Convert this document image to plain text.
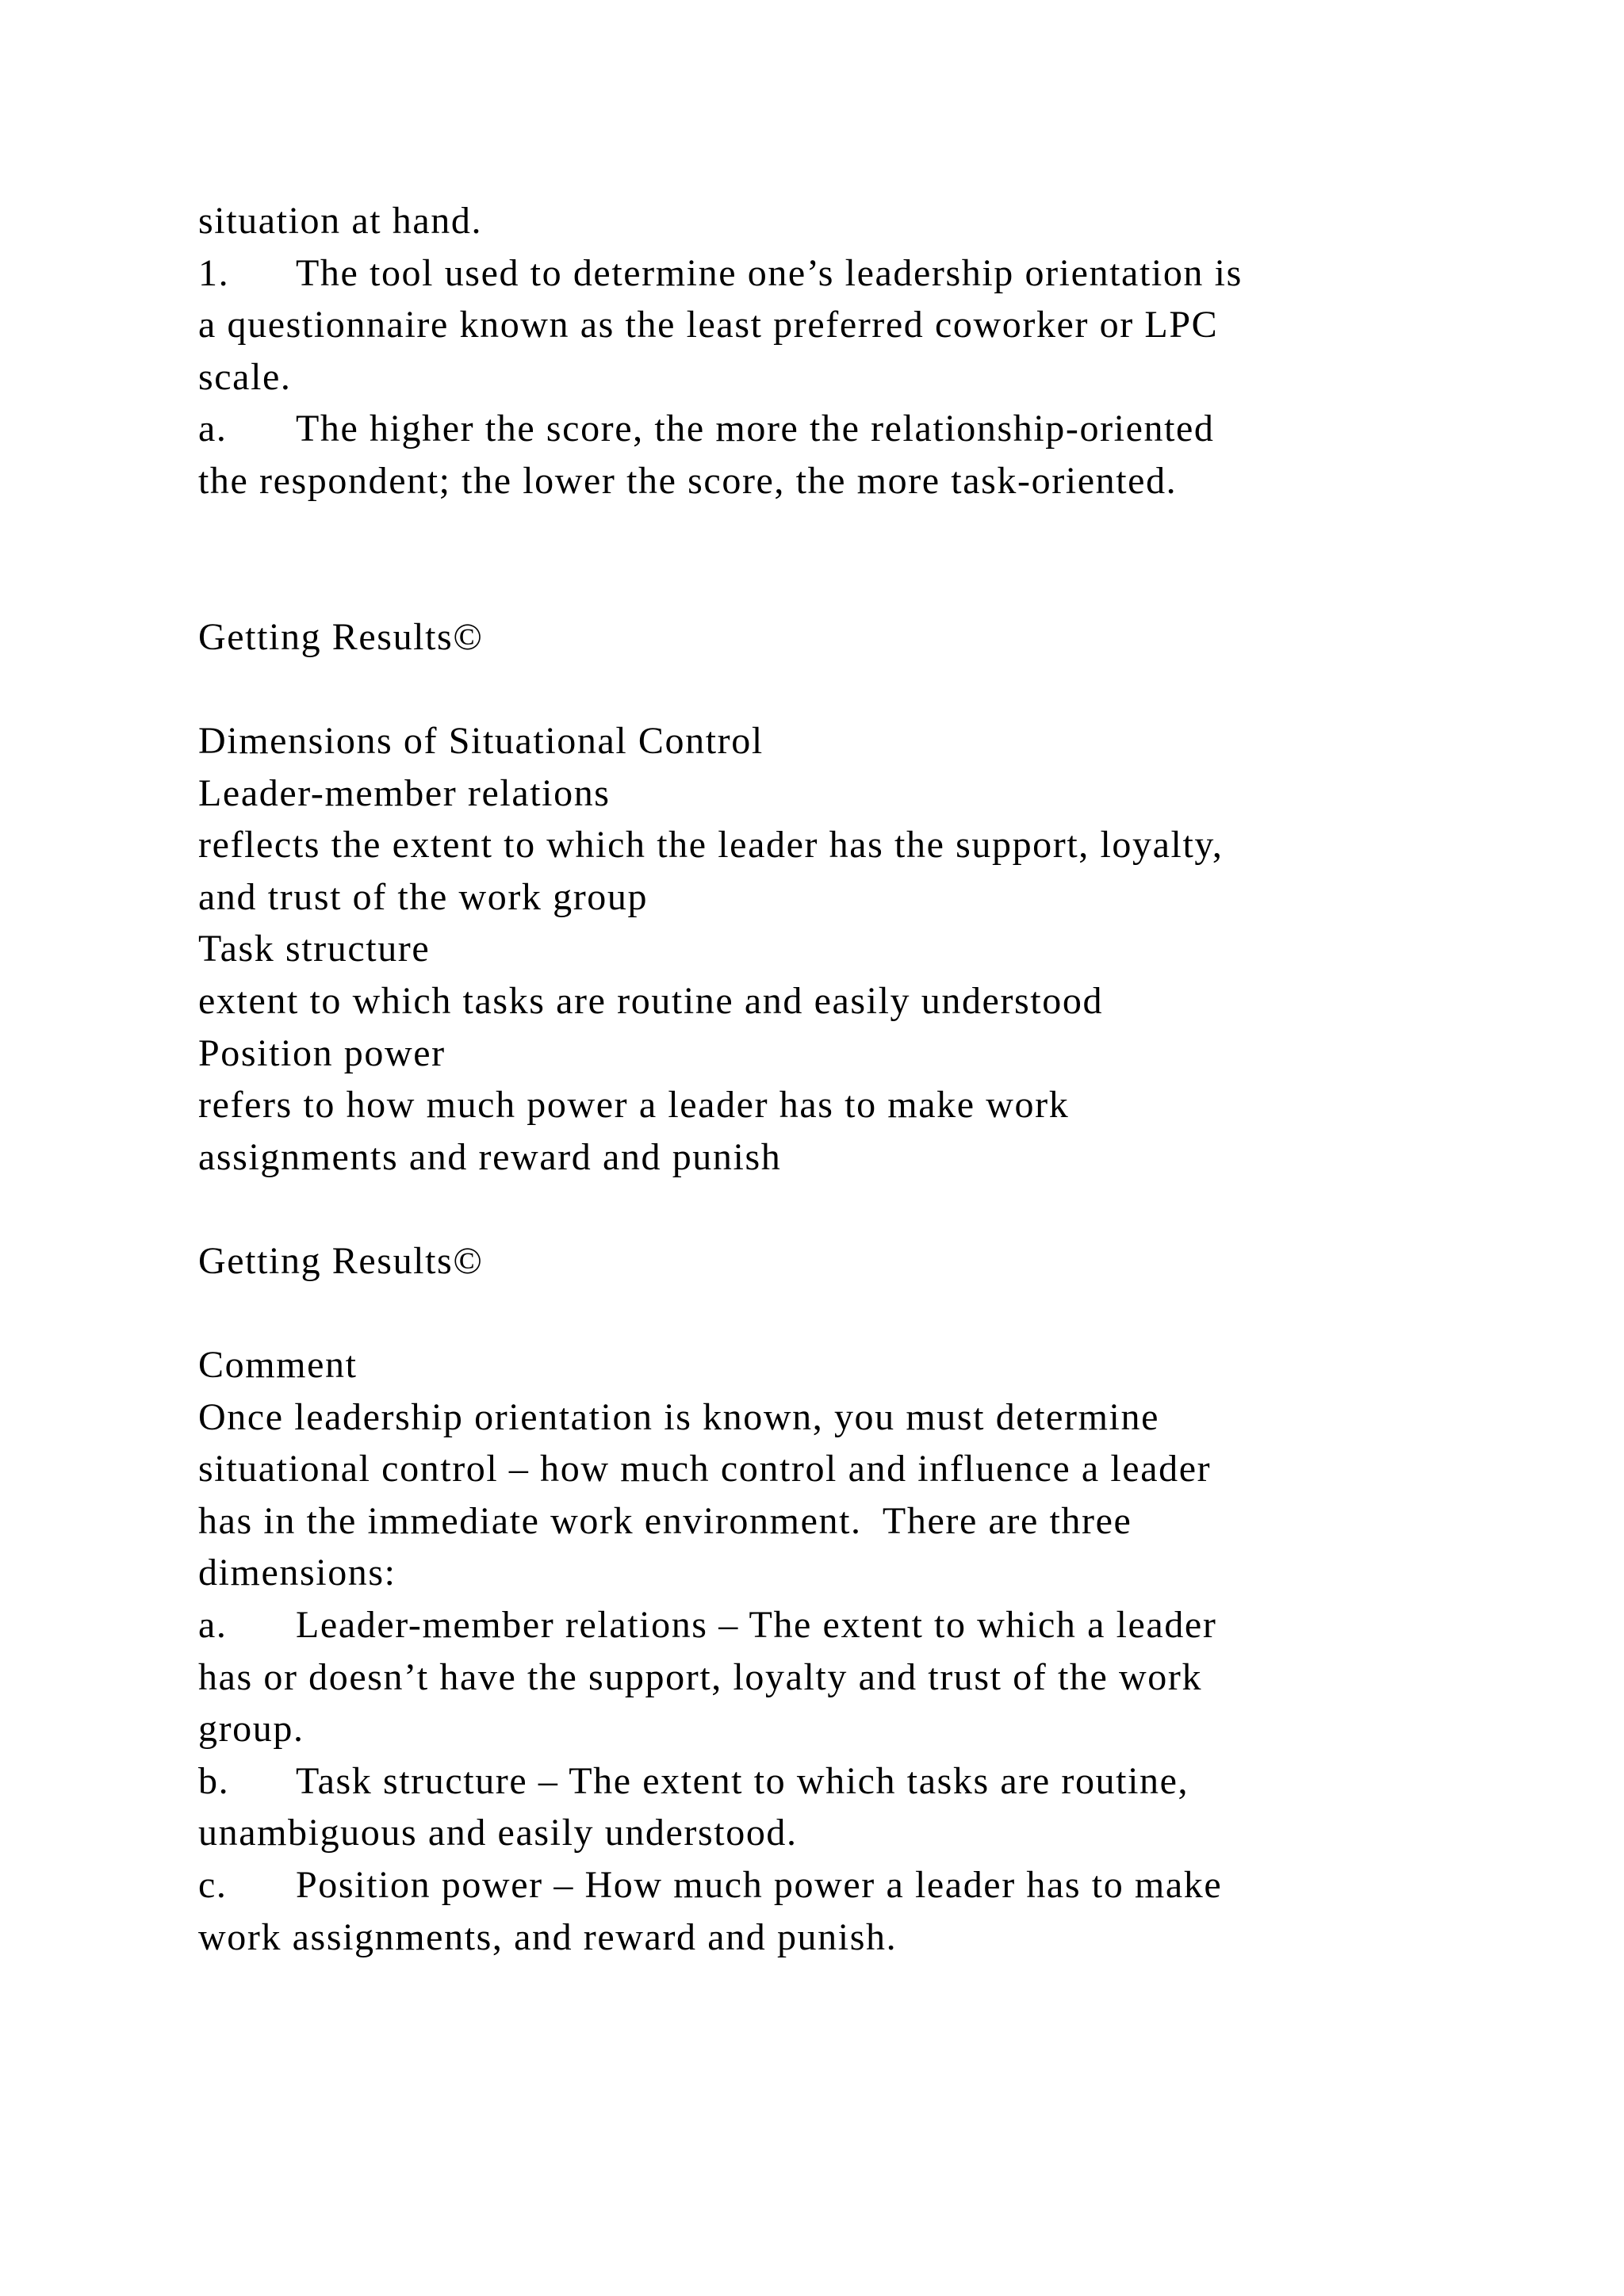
situation at hand.
1. The tool used to determine one’s leadership orientation is
a questionnaire known as the least preferred coworker or LPC
scale.
a. The higher the score, the more the relationship-oriented
the respondent; the lower the score, the more task-oriented.
Getting Results©
Dimensions of Situational Control
Leader-member relations
reflects the extent to which the leader has the support, loyalty,
and trust of the work group
Task structure
extent to which tasks are routine and easily understood
Position power
refers to how much power a leader has to make work
assignments and reward and punish
Getting Results©
Comment
Once leadership orientation is known, you must determine
situational control – how much control and influence a leader
has in the immediate work environment.  There are three
dimensions:
a. Leader-member relations – The extent to which a leader
has or doesn’t have the support, loyalty and trust of the work
group.
b. Task structure – The extent to which tasks are routine,
unambiguous and easily understood.
c. Position power – How much power a leader has to make
work assignments, and reward and punish.
